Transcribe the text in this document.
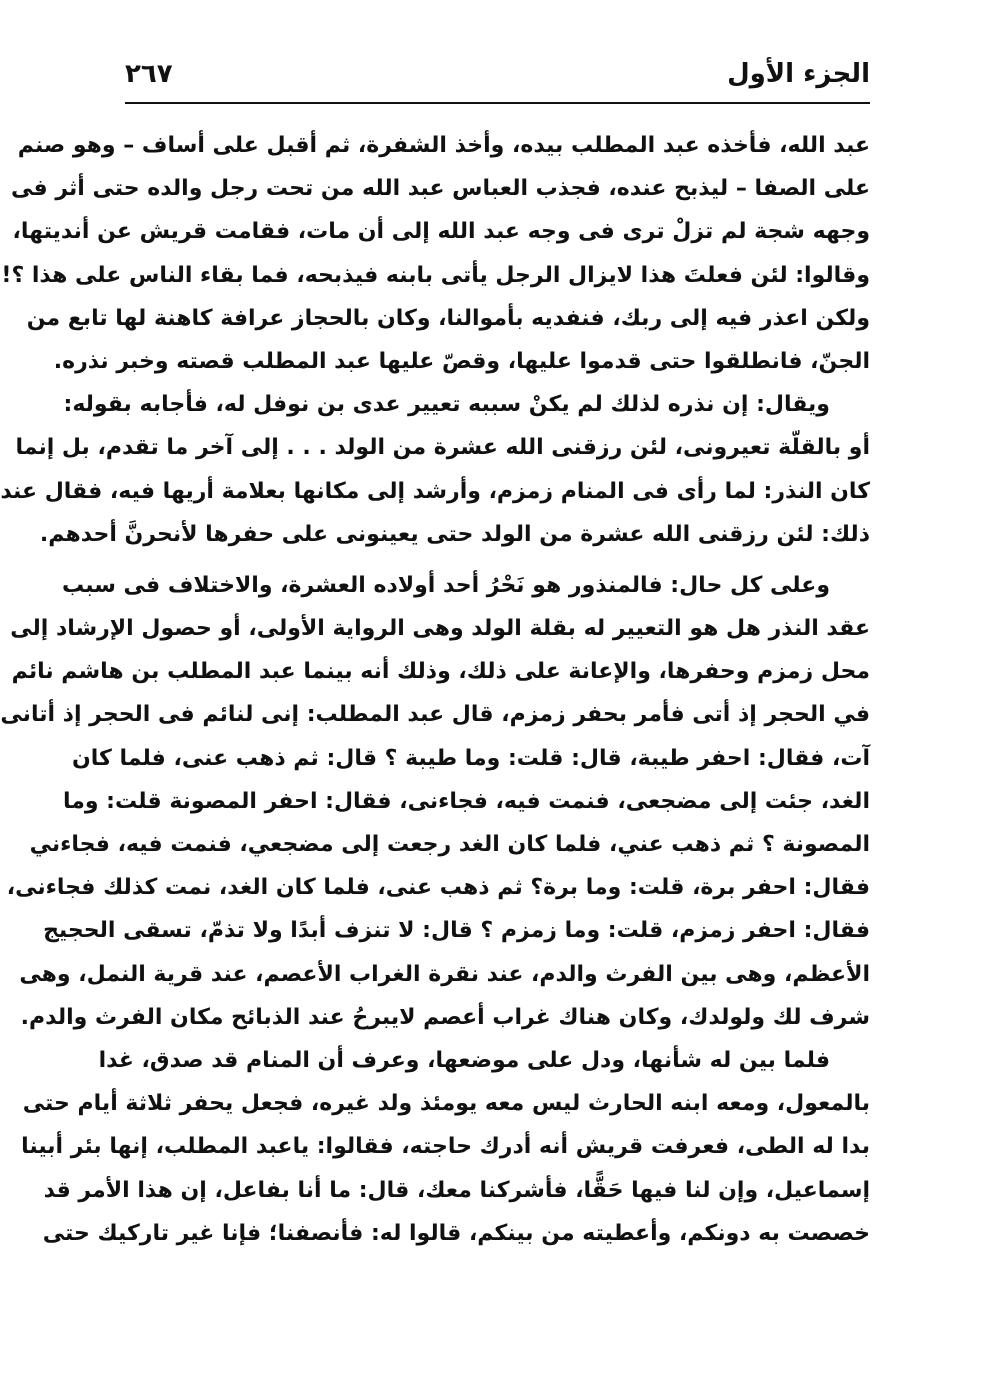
الجزء الأول
٢٦٧
عبد الله، فأخذه عبد المطلب بيده، وأخذ الشفرة، ثم أقبل على أساف – وهو صنم
على الصفا – ليذبح عنده، فجذب العباس عبد الله من تحت رجل والده حتى أثر فى
وجهه شجة لم تزلْ ترى فى وجه عبد الله إلى أن مات، فقامت قريش عن أنديتها،
وقالوا: لئن فعلتَ هذا لايزال الرجل يأتى بابنه فيذبحه، فما بقاء الناس على هذا ؟!
ولكن اعذر فيه إلى ربك، فنفديه بأموالنا، وكان بالحجاز عرافة كاهنة لها تابع من
الجنّ، فانطلقوا حتى قدموا عليها، وقصّ عليها عبد المطلب قصته وخبر نذره.
ويقال: إن نذره لذلك لم يكنْ سببه تعيير عدى بن نوفل له، فأجابه بقوله:
أو بالقلّة تعيرونى، لئن رزقنى الله عشرة من الولد . . . إلى آخر ما تقدم، بل إنما
كان النذر: لما رأى فى المنام زمزم، وأرشد إلى مكانها بعلامة أريها فيه، فقال عند
ذلك: لئن رزقنى الله عشرة من الولد حتى يعينونى على حفرها لأنحرنَّ أحدهم.
وعلى كل حال: فالمنذور هو نَحْرُ أحد أولاده العشرة، والاختلاف فى سبب
عقد النذر هل هو التعيير له بقلة الولد وهى الرواية الأولى، أو حصول الإرشاد إلى
محل زمزم وحفرها، والإعانة على ذلك، وذلك أنه بينما عبد المطلب بن هاشم نائم
في الحجر إذ أتى فأمر بحفر زمزم، قال عبد المطلب: إنى لنائم فى الحجر إذ أتانى
آت، فقال: احفر طيبة، قال: قلت: وما طيبة ؟ قال: ثم ذهب عنى، فلما كان
الغد، جئت إلى مضجعى، فنمت فيه، فجاءنى، فقال: احفر المصونة قلت: وما
المصونة ؟ ثم ذهب عني، فلما كان الغد رجعت إلى مضجعي، فنمت فيه، فجاءني
فقال: احفر برة، قلت: وما برة؟ ثم ذهب عنى، فلما كان الغد، نمت كذلك فجاءنى،
فقال: احفر زمزم، قلت: وما زمزم ؟ قال: لا تنزف أبدًا ولا تذمّ، تسقى الحجيج
الأعظم، وهى بين الفرث والدم، عند نقرة الغراب الأعصم، عند قرية النمل، وهى
شرف لك ولولدك، وكان هناك غراب أعصم لايبرحُ عند الذبائح مكان الفرث والدم.
فلما بين له شأنها، ودل على موضعها، وعرف أن المنام قد صدق، غدا
بالمعول، ومعه ابنه الحارث ليس معه يومئذ ولد غيره، فجعل يحفر ثلاثة أيام حتى
بدا له الطى، فعرفت قريش أنه أدرك حاجته، فقالوا: ياعبد المطلب، إنها بئر أبينا
إسماعيل، وإن لنا فيها حَقًّا، فأشركنا معك، قال: ما أنا بفاعل، إن هذا الأمر قد
خصصت به دونكم، وأعطيته من بينكم، قالوا له: فأنصفنا؛ فإنا غير تاركيك حتى
